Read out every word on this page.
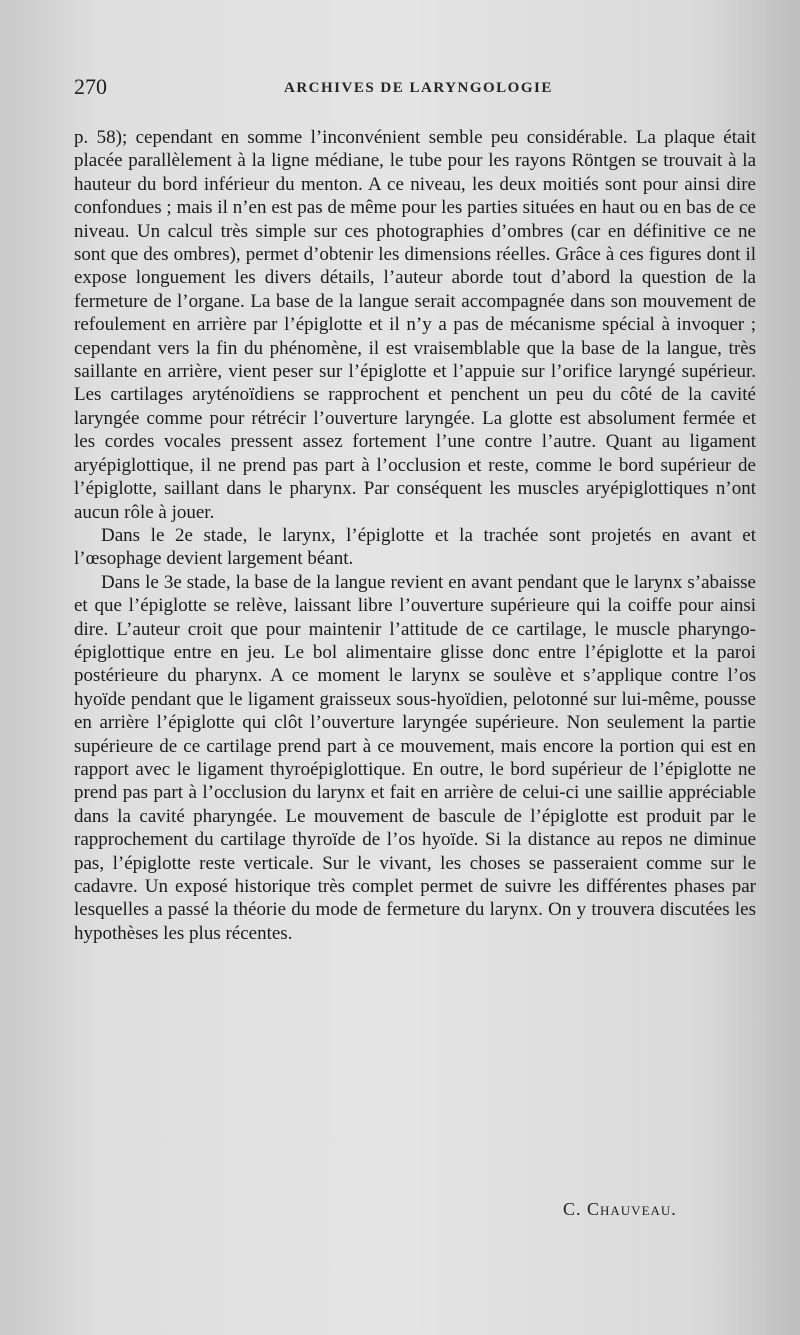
270	ARCHIVES DE LARYNGOLOGIE

p. 58); cependant en somme l’inconvénient semble peu considérable. La plaque était placée parallèlement à la ligne médiane, le tube pour les rayons Röntgen se trouvait à la hauteur du bord inférieur du menton. A ce niveau, les deux moitiés sont pour ainsi dire confondues ; mais il n’en est pas de même pour les parties situées en haut ou en bas de ce niveau. Un calcul très simple sur ces photographies d’ombres (car en définitive ce ne sont que des ombres), permet d’obtenir les dimensions réelles. Grâce à ces figures dont il expose longuement les divers détails, l’auteur aborde tout d’abord la question de la fermeture de l’organe. La base de la langue serait accompagnée dans son mouvement de refoulement en arrière par l’épiglotte et il n’y a pas de mécanisme spécial à invoquer ; cependant vers la fin du phénomène, il est vraisemblable que la base de la langue, très saillante en arrière, vient peser sur l’épiglotte et l’appuie sur l’orifice laryngé supérieur. Les cartilages aryténoïdiens se rapprochent et penchent un peu du côté de la cavité laryngée comme pour rétrécir l’ouverture laryngée. La glotte est absolument fermée et les cordes vocales pressent assez fortement l’une contre l’autre. Quant au ligament aryépiglottique, il ne prend pas part à l’occlusion et reste, comme le bord supérieur de l’épiglotte, saillant dans le pharynx. Par conséquent les muscles aryépiglottiques n’ont aucun rôle à jouer.

Dans le 2e stade, le larynx, l’épiglotte et la trachée sont projetés en avant et l’œsophage devient largement béant.

Dans le 3e stade, la base de la langue revient en avant pendant que le larynx s’abaisse et que l’épiglotte se relève, laissant libre l’ouverture supérieure qui la coiffe pour ainsi dire. L’auteur croit que pour maintenir l’attitude de ce cartilage, le muscle pharyngo-épiglottique entre en jeu. Le bol alimentaire glisse donc entre l’épiglotte et la paroi postérieure du pharynx. A ce moment le larynx se soulève et s’applique contre l’os hyoïde pendant que le ligament graisseux sous-hyoïdien, pelotonné sur lui-même, pousse en arrière l’épiglotte qui clôt l’ouverture laryngée supérieure. Non seulement la partie supérieure de ce cartilage prend part à ce mouvement, mais encore la portion qui est en rapport avec le ligament thyroépiglottique. En outre, le bord supérieur de l’épiglotte ne prend pas part à l’occlusion du larynx et fait en arrière de celui-ci une saillie appréciable dans la cavité pharyngée. Le mouvement de bascule de l’épiglotte est produit par le rapprochement du cartilage thyroïde de l’os hyoïde. Si la distance au repos ne diminue pas, l’épiglotte reste verticale. Sur le vivant, les choses se passeraient comme sur le cadavre. Un exposé historique très complet permet de suivre les différentes phases par lesquelles a passé la théorie du mode de fermeture du larynx. On y trouvera discutées les hypothèses les plus récentes.

C. Chauveau.
